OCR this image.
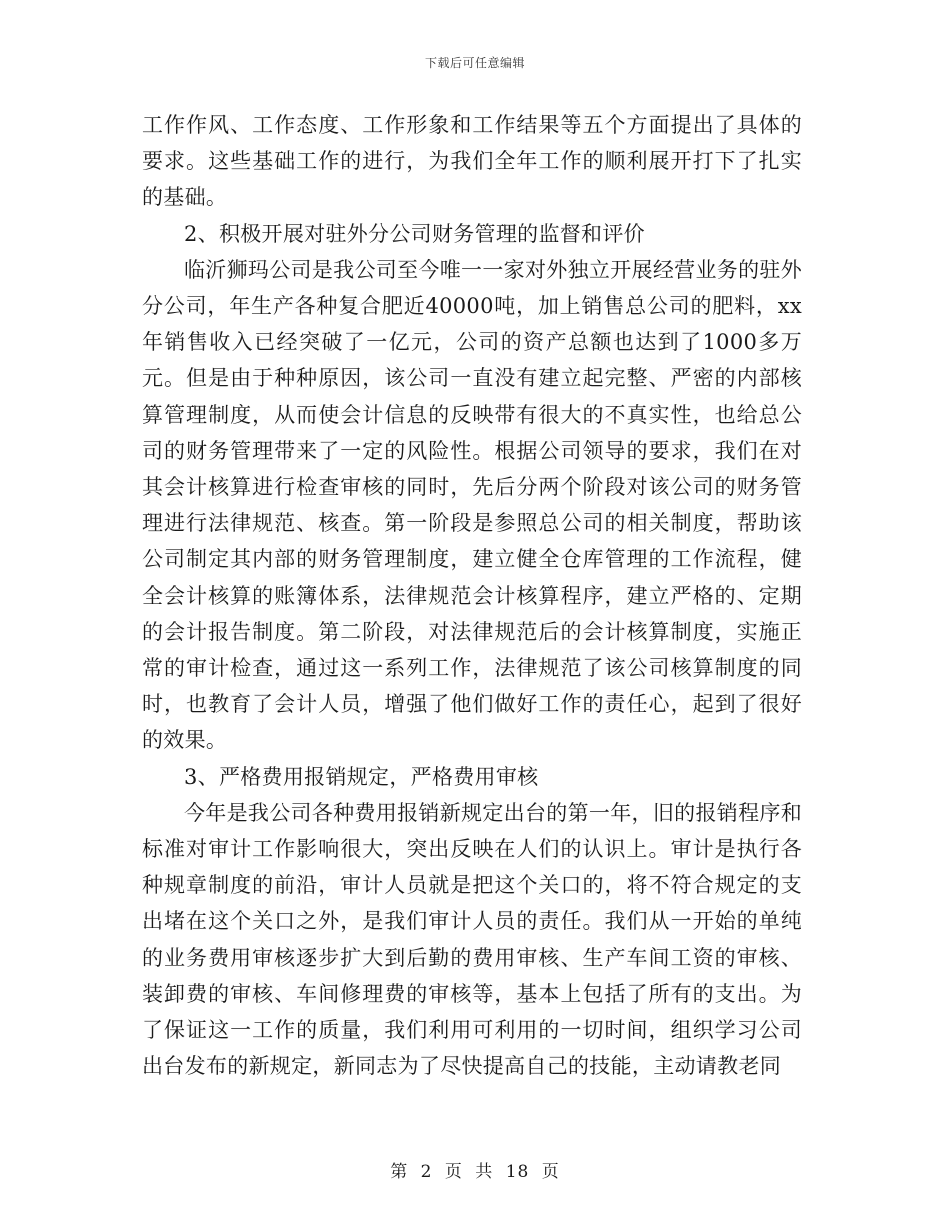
下载后可任意编辑

工作作风、工作态度、工作形象和工作结果等五个方面提出了具体的要求。这些基础工作的进行，为我们全年工作的顺利展开打下了扎实的基础。

2、积极开展对驻外分公司财务管理的监督和评价

临沂狮玛公司是我公司至今唯一一家对外独立开展经营业务的驻外分公司，年生产各种复合肥近40000吨，加上销售总公司的肥料，xx年销售收入已经突破了一亿元，公司的资产总额也达到了1000多万元。但是由于种种原因，该公司一直没有建立起完整、严密的内部核算管理制度，从而使会计信息的反映带有很大的不真实性，也给总公司的财务管理带来了一定的风险性。根据公司领导的要求，我们在对其会计核算进行检查审核的同时，先后分两个阶段对该公司的财务管理进行法律规范、核查。第一阶段是参照总公司的相关制度，帮助该公司制定其内部的财务管理制度，建立健全仓库管理的工作流程，健全会计核算的账簿体系，法律规范会计核算程序，建立严格的、定期的会计报告制度。第二阶段，对法律规范后的会计核算制度，实施正常的审计检查，通过这一系列工作，法律规范了该公司核算制度的同时，也教育了会计人员，增强了他们做好工作的责任心，起到了很好的效果。

3、严格费用报销规定，严格费用审核

今年是我公司各种费用报销新规定出台的第一年，旧的报销程序和标准对审计工作影响很大，突出反映在人们的认识上。审计是执行各种规章制度的前沿，审计人员就是把这个关口的，将不符合规定的支出堵在这个关口之外，是我们审计人员的责任。我们从一开始的单纯的业务费用审核逐步扩大到后勤的费用审核、生产车间工资的审核、装卸费的审核、车间修理费的审核等，基本上包括了所有的支出。为了保证这一工作的质量，我们利用可利用的一切时间，组织学习公司出台发布的新规定，新同志为了尽快提高自己的技能，主动请教老同

第 2 页 共 18 页
